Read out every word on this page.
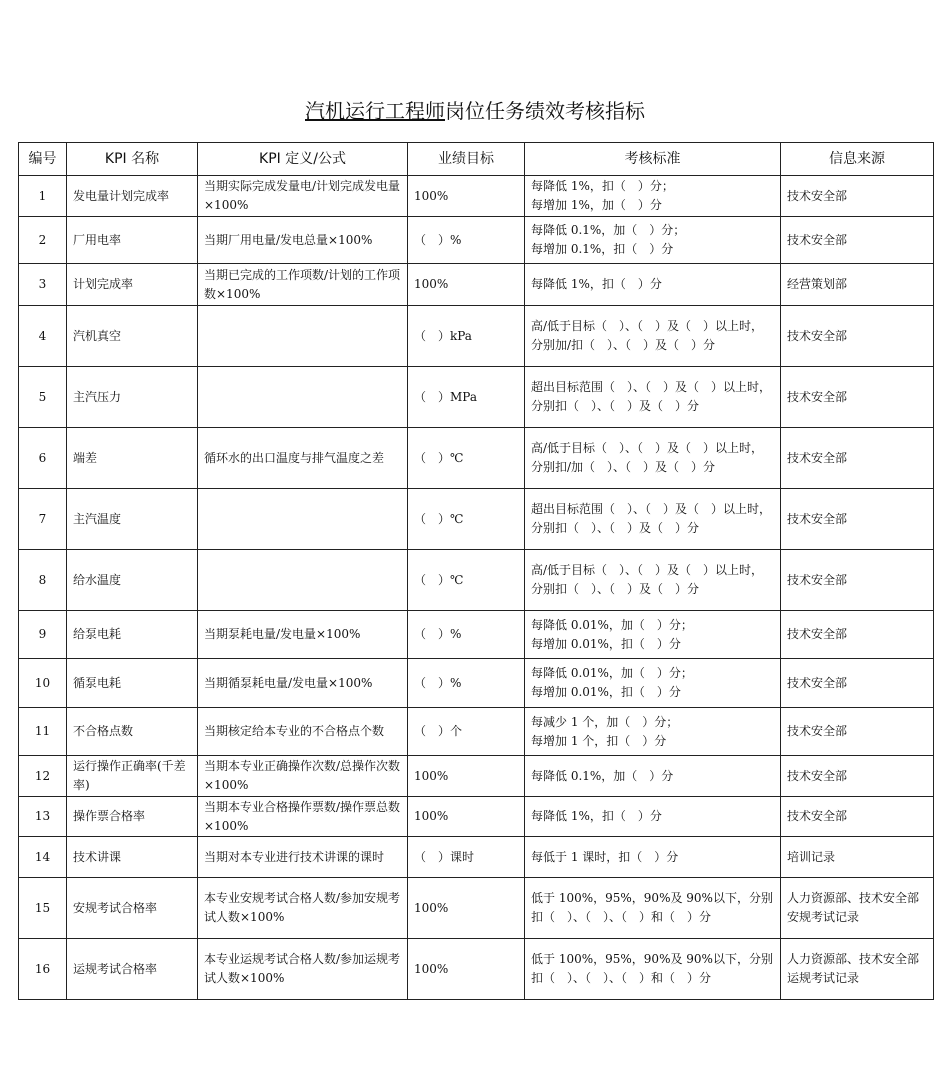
汽机运行工程师岗位任务绩效考核指标
编号	KPI 名称	KPI 定义/公式	业绩目标	考核标准	信息来源
1	发电量计划完成率	当期实际完成发量电/计划完成发电量×100%	100%	每降低 1%，扣（　）分；
每增加 1%，加（　）分	技术安全部
2	厂用电率	当期厂用电量/发电总量×100%	（　）%	每降低 0.1%，加（　）分；
每增加 0.1%，扣（　）分	技术安全部
3	计划完成率	当期已完成的工作项数/计划的工作项数×100%	100%	每降低 1%，扣（　）分	经营策划部
4	汽机真空		（　）kPa	高/低于目标（　）、（　）及（　）以上时，分别加/扣（　）、（　）及（　）分	技术安全部
5	主汽压力		（　）MPa	超出目标范围（　）、（　）及（　）以上时，分别扣（　）、（　）及（　）分	技术安全部
6	端差	循环水的出口温度与排气温度之差	（　）℃	高/低于目标（　）、（　）及（　）以上时，分别扣/加（　）、（　）及（　）分	技术安全部
7	主汽温度		（　）℃	超出目标范围（　）、（　）及（　）以上时，分别扣（　）、（　）及（　）分	技术安全部
8	给水温度		（　）℃	高/低于目标（　）、（　）及（　）以上时，分别扣（　）、（　）及（　）分	技术安全部
9	给泵电耗	当期泵耗电量/发电量×100%	（　）%	每降低 0.01%，加（　）分；
每增加 0.01%，扣（　）分	技术安全部
10	循泵电耗	当期循泵耗电量/发电量×100%	（　）%	每降低 0.01%，加（　）分；
每增加 0.01%，扣（　）分	技术安全部
11	不合格点数	当期核定给本专业的不合格点个数	（　）个	每减少 1 个，加（　）分；
每增加 1 个，扣（　）分	技术安全部
12	运行操作正确率(千差率)	当期本专业正确操作次数/总操作次数×100%	100%	每降低 0.1%，加（　）分	技术安全部
13	操作票合格率	当期本专业合格操作票数/操作票总数×100%	100%	每降低 1%，扣（　）分	技术安全部
14	技术讲课	当期对本专业进行技术讲课的课时	（　）课时	每低于 1 课时，扣（　）分	培训记录
15	安规考试合格率	本专业安规考试合格人数/参加安规考试人数×100%	100%	低于 100%，95%，90%及 90%以下，分别扣（　）、（　）、（　）和（　）分	人力资源部、技术安全部安规考试记录
16	运规考试合格率	本专业运规考试合格人数/参加运规考试人数×100%	100%	低于 100%，95%，90%及 90%以下，分别扣（　）、（　）、（　）和（　）分	人力资源部、技术安全部运规考试记录
